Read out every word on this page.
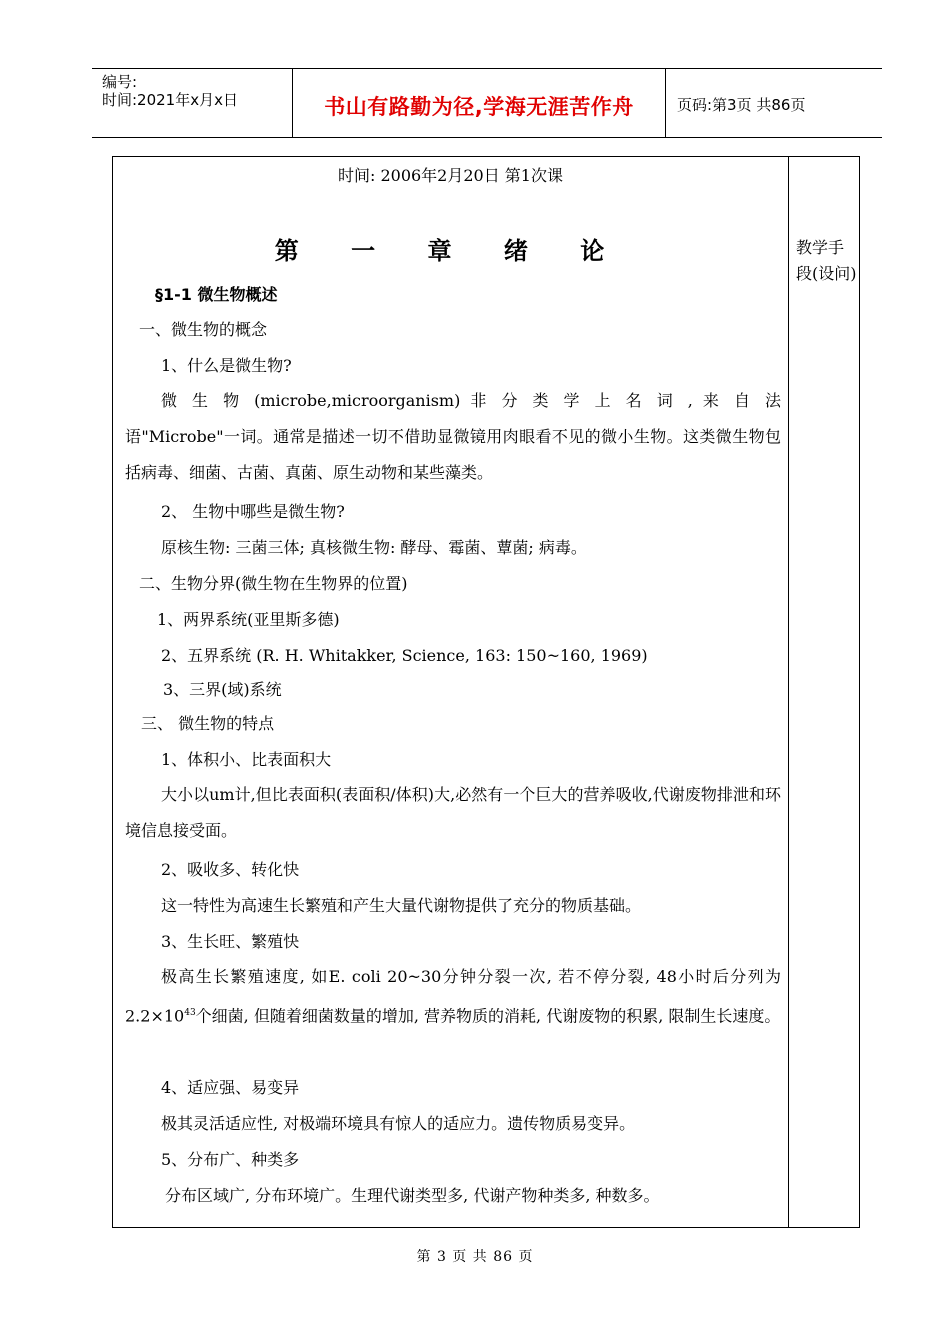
编号:
时间:2021年x月x日	书山有路勤为径,学海无涯苦作舟	页码:第3页 共86页
教学手段(设问)
时间: 2006年2月20日 第1次课
第 一 章 绪 论
§1-1 微生物概述
一、微生物的概念
1、什么是微生物?

微 生 物 (microbe,microorganism) 非 分 类 学 上 名 词 , 来 自 法

语"Microbe"一词。通常是描述一切不借助显微镜用肉眼看不见的微小生物。这类微生物包括病毒、细菌、古菌、真菌、原生动物和某些藻类。

2、 生物中哪些是微生物?
原核生物: 三菌三体; 真核微生物: 酵母、霉菌、蕈菌; 病毒。
二、生物分界(微生物在生物界的位置)
1、两界系统(亚里斯多德)
2、五界系统 (R. H. Whitakker, Science, 163: 150~160, 1969)
3、三界(域)系统
三、 微生物的特点
1、体积小、比表面积大

大小以um计,但比表面积(表面积/体积)大,必然有一个巨大的营养吸收,代谢废物排泄和环境信息接受面。

2、吸收多、转化快
这一特性为高速生长繁殖和产生大量代谢物提供了充分的物质基础。
3、生长旺、繁殖快

极高生长繁殖速度, 如E. coli 20~30分钟分裂一次, 若不停分裂, 48小时后分列为$2.2\times 10^{43}$个细菌, 但随着细菌数量的增加, 营养物质的消耗, 代谢废物的积累, 限制生长速度。

4、适应强、易变异
极其灵活适应性, 对极端环境具有惊人的适应力。遗传物质易变异。
5、分布广、种类多
分布区域广, 分布环境广。生理代谢类型多, 代谢产物种类多, 种数多。
第 3 页 共 86 页
